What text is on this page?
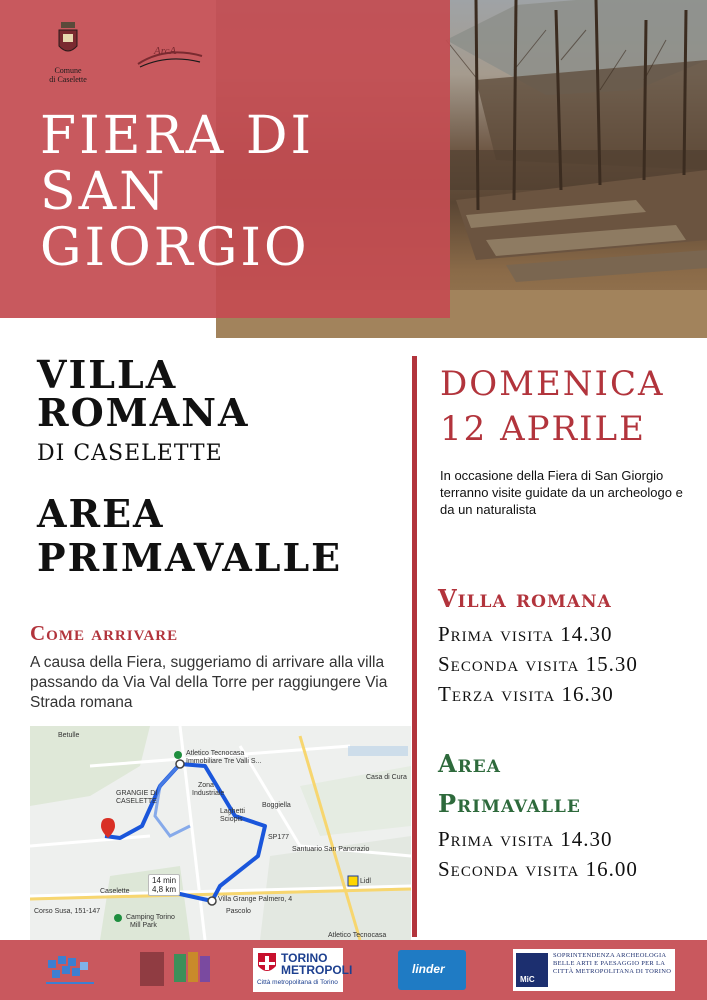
Comune
di Caselette
ArcA
FIERA DI
SAN
GIORGIO
VILLA
ROMANA
DI CASELETTE
AREA
PRIMAVALLE
Come arrivare

A causa della Fiera, suggeriamo di arrivare alla villa passando da Via Val della Torre per raggiungere Via Strada romana

Betulle
Atletico Tecnocasa
Immobiliare Tre Valli S...
Zona
Industriale
GRANGIE DI
CASELETTE
Laghetti
Sciopis
Boggiella
Casa di Cura
SP177
Santuario San Pancrazio
14 min
4,8 km
Caselette
Corso Susa, 151-147
Camping Torino
Mill Park
Villa Grange Palmero, 4
Pascolo
Lidl
Atletico Tecnocasa
DOMENICA
12 APRILE

In occasione della Fiera di San Giorgio terranno visite guidate da un archeologo e da un naturalista

Villa romana
Prima visita 14.30
Seconda visita 15.30
Terza visita 16.30
Area
Primavalle
Prima visita 14.30
Seconda visita 16.00
TORINO
METROPOLI
Città metropolitana di Torino
linder
MiC
SOPRINTENDENZA ARCHEOLOGIA BELLE ARTI E PAESAGGIO PER LA CITTÀ METROPOLITANA DI TORINO
